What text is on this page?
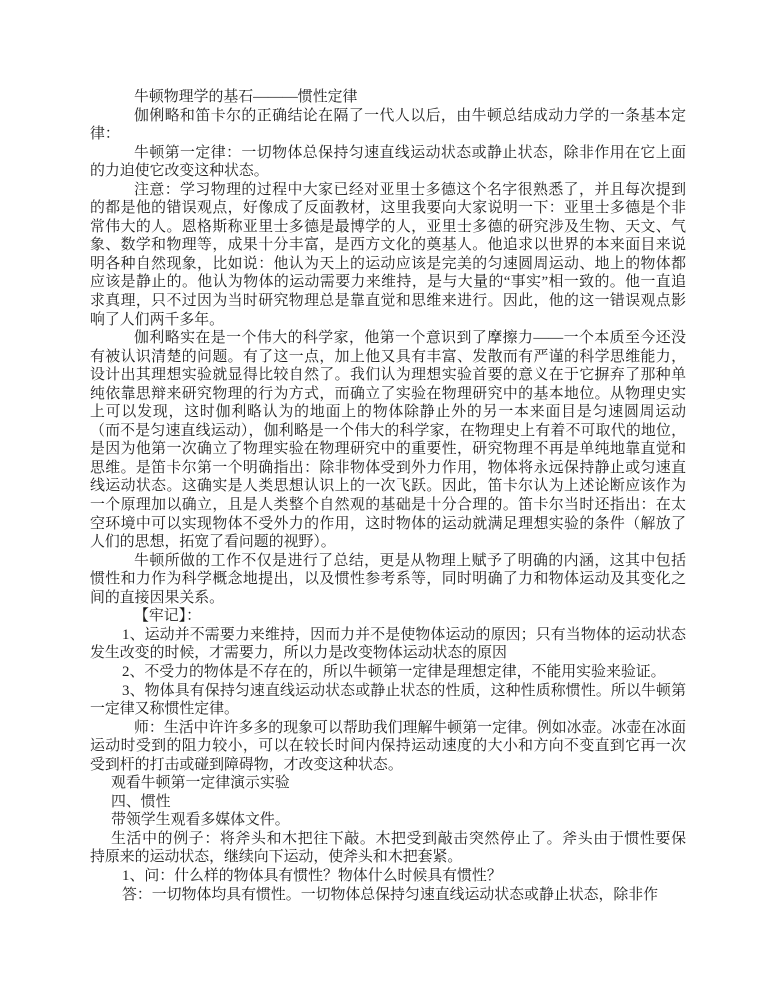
牛顿物理学的基石———惯性定律
伽俐略和笛卡尔的正确结论在隔了一代人以后，由牛顿总结成动力学的一条基本定
律：
牛顿第一定律：一切物体总保持匀速直线运动状态或静止状态，除非作用在它上面
的力迫使它改变这种状态。
注意：学习物理的过程中大家已经对亚里士多德这个名字很熟悉了，并且每次提到
的都是他的错误观点，好像成了反面教材，这里我要向大家说明一下：亚里士多德是个非
常伟大的人。恩格斯称亚里士多德是最博学的人，亚里士多德的研究涉及生物、天文、气
象、数学和物理等，成果十分丰富，是西方文化的奠基人。他追求以世界的本来面目来说
明各种自然现象，比如说：他认为天上的运动应该是完美的匀速圆周运动、地上的物体都
应该是静止的。他认为物体的运动需要力来维持，是与大量的“事实”相一致的。他一直追
求真理，只不过因为当时研究物理总是靠直觉和思维来进行。因此，他的这一错误观点影
响了人们两千多年。
伽利略实在是一个伟大的科学家，他第一个意识到了摩擦力——一个本质至今还没
有被认识清楚的问题。有了这一点，加上他又具有丰富、发散而有严谨的科学思维能力，
设计出其理想实验就显得比较自然了。我们认为理想实验首要的意义在于它摒弃了那种单
纯依靠思辩来研究物理的行为方式，而确立了实验在物理研究中的基本地位。从物理史实
上可以发现，这时伽利略认为的地面上的物体除静止外的另一本来面目是匀速圆周运动
（而不是匀速直线运动），伽利略是一个伟大的科学家，在物理史上有着不可取代的地位，
是因为他第一次确立了物理实验在物理研究中的重要性，研究物理不再是单纯地靠直觉和
思维。是笛卡尔第一个明确指出：除非物体受到外力作用，物体将永远保持静止或匀速直
线运动状态。这确实是人类思想认识上的一次飞跃。因此，笛卡尔认为上述论断应该作为
一个原理加以确立，且是人类整个自然观的基础是十分合理的。笛卡尔当时还指出：在太
空环境中可以实现物体不受外力的作用，这时物体的运动就满足理想实验的条件（解放了
人们的思想，拓宽了看问题的视野）。
牛顿所做的工作不仅是进行了总结，更是从物理上赋予了明确的内涵，这其中包括
惯性和力作为科学概念地提出，以及惯性参考系等，同时明确了力和物体运动及其变化之
间的直接因果关系。
【牢记】：
1、运动并不需要力来维持，因而力并不是使物体运动的原因；只有当物体的运动状态
发生改变的时候，才需要力，所以力是改变物体运动状态的原因
2、不受力的物体是不存在的，所以牛顿第一定律是理想定律，不能用实验来验证。
3、物体具有保持匀速直线运动状态或静止状态的性质，这种性质称惯性。所以牛顿第
一定律又称惯性定律。
师：生活中许许多多的现象可以帮助我们理解牛顿第一定律。例如冰壶。冰壶在冰面
运动时受到的阻力较小，可以在较长时间内保持运动速度的大小和方向不变直到它再一次
受到杆的打击或碰到障碍物，才改变这种状态。
观看牛顿第一定律演示实验
四、惯性
带领学生观看多媒体文件。
生活中的例子：将斧头和木把往下敲。木把受到敲击突然停止了。斧头由于惯性要保
持原来的运动状态，继续向下运动，使斧头和木把套紧。
1、问：什么样的物体具有惯性？物体什么时候具有惯性？
答：一切物体均具有惯性。一切物体总保持匀速直线运动状态或静止状态，除非作
